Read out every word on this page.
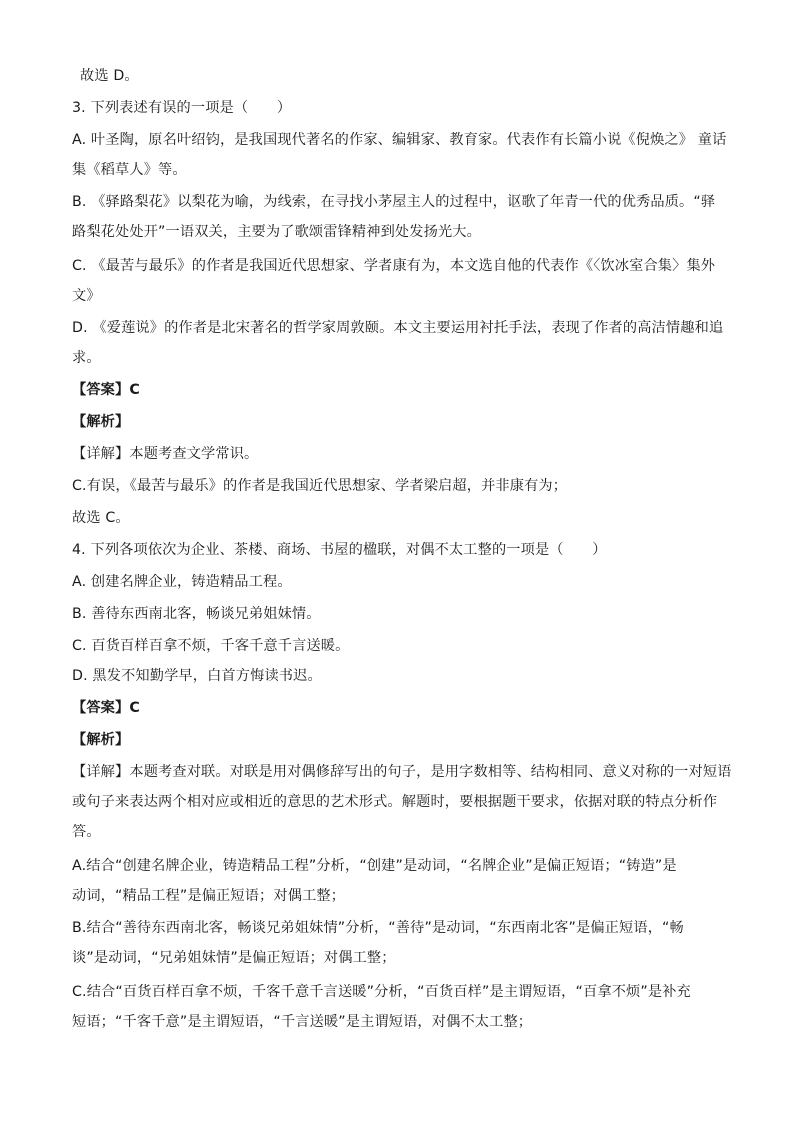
故选 D。
3. 下列表述有误的一项是（　　）
A. 叶圣陶，原名叶绍钧，是我国现代著名的作家、编辑家、教育家。代表作有长篇小说《倪焕之》 童话
集《稻草人》等。
B. 《驿路梨花》以梨花为喻，为线索，在寻找小茅屋主人的过程中，讴歌了年青一代的优秀品质。“驿
路梨花处处开”一语双关，主要为了歌颂雷锋精神到处发扬光大。
C. 《最苦与最乐》的作者是我国近代思想家、学者康有为，本文选自他的代表作《〈饮冰室合集〉集外
文》
D. 《爱莲说》的作者是北宋著名的哲学家周敦颐。本文主要运用衬托手法，表现了作者的高洁情趣和追
求。
【答案】C
【解析】
【详解】本题考查文学常识。
C.有误，《最苦与最乐》的作者是我国近代思想家、学者梁启超，并非康有为；
故选 C。
4. 下列各项依次为企业、茶楼、商场、书屋的楹联，对偶不太工整的一项是（　　）
A. 创建名牌企业，铸造精品工程。
B. 善待东西南北客，畅谈兄弟姐妹情。
C. 百货百样百拿不烦，千客千意千言送暖。
D. 黑发不知勤学早，白首方悔读书迟。
【答案】C
【解析】
【详解】本题考查对联。对联是用对偶修辞写出的句子，是用字数相等、结构相同、意义对称的一对短语
或句子来表达两个相对应或相近的意思的艺术形式。解题时，要根据题干要求，依据对联的特点分析作
答。
A.结合“创建名牌企业，铸造精品工程”分析，“创建”是动词，“名牌企业”是偏正短语；“铸造”是
动词，“精品工程”是偏正短语；对偶工整；
B.结合“善待东西南北客，畅谈兄弟姐妹情”分析，“善待”是动词，“东西南北客”是偏正短语，“畅
谈”是动词，“兄弟姐妹情”是偏正短语；对偶工整；
C.结合“百货百样百拿不烦，千客千意千言送暖”分析，“百货百样”是主谓短语，“百拿不烦”是补充
短语；“千客千意”是主谓短语，“千言送暖”是主谓短语，对偶不太工整；
